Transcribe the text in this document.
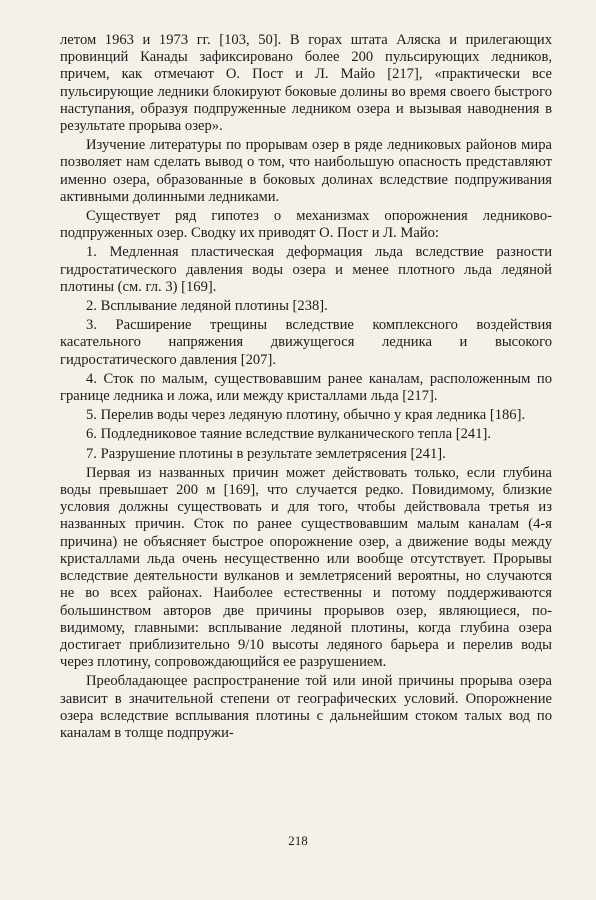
летом 1963 и 1973 гг. [103, 50]. В горах штата Аляска и прилегающих провинций Канады зафиксировано более 200 пульсирующих ледников, причем, как отмечают О. Пост и Л. Майо [217], «практически все пульсирующие ледники блокируют боковые долины во время своего быстрого наступания, образуя подпруженные ледником озера и вызывая наводнения в результате прорыва озер».

Изучение литературы по прорывам озер в ряде ледниковых районов мира позволяет нам сделать вывод о том, что наибольшую опасность представляют именно озера, образованные в боковых долинах вследствие подпруживания активными долинными ледниками.

Существует ряд гипотез о механизмах опорожнения ледниково-подпруженных озер. Сводку их приводят О. Пост и Л. Майо:

1. Медленная пластическая деформация льда вследствие разности гидростатического давления воды озера и менее плотного льда ледяной плотины (см. гл. 3) [169].

2. Всплывание ледяной плотины [238].

3. Расширение трещины вследствие комплексного воздействия касательного напряжения движущегося ледника и высокого гидростатического давления [207].

4. Сток по малым, существовавшим ранее каналам, расположенным по границе ледника и ложа, или между кристаллами льда [217].

5. Перелив воды через ледяную плотину, обычно у края ледника [186].

6. Подледниковое таяние вследствие вулканического тепла [241].

7. Разрушение плотины в результате землетрясения [241].

Первая из названных причин может действовать только, если глубина воды превышает 200 м [169], что случается редко. Повидимому, близкие условия должны существовать и для того, чтобы действовала третья из названных причин. Сток по ранее существовавшим малым каналам (4-я причина) не объясняет быстрое опорожнение озер, а движение воды между кристаллами льда очень несущественно или вообще отсутствует. Прорывы вследствие деятельности вулканов и землетрясений вероятны, но случаются не во всех районах. Наиболее естественны и потому поддерживаются большинством авторов две причины прорывов озер, являющиеся, по-видимому, главными: всплывание ледяной плотины, когда глубина озера достигает приблизительно 9/10 высоты ледяного барьера и перелив воды через плотину, сопровождающийся ее разрушением.

Преобладающее распространение той или иной причины прорыва озера зависит в значительной степени от географических условий. Опорожнение озера вследствие всплывания плотины с дальнейшим стоком талых вод по каналам в толще подпружи-

218
